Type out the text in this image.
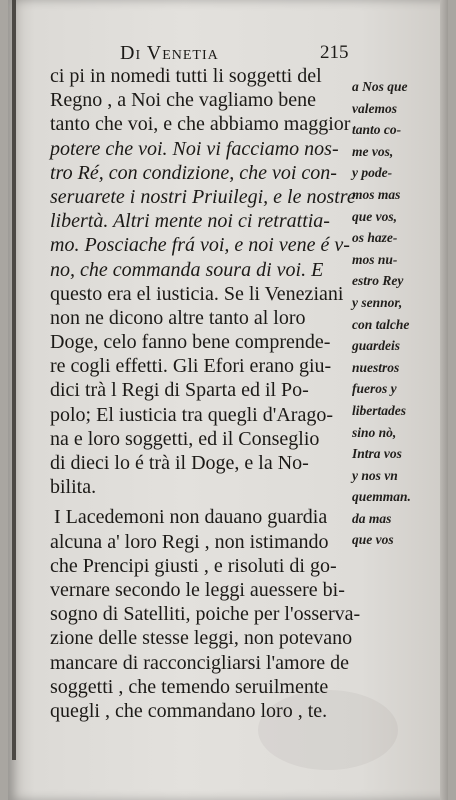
Di Venetia	215
ci pi in nomedi tutti li soggetti del
Regno , a Noi che vagliamo bene
tanto che voi, e che abbiamo maggior
potere che voi. Noi vi facciamo nos-
tro Ré, con condizione, che voi con-
seruarete i nostri Priuilegi, e le nostre
libertà. Altri mente noi ci retrattia-
mo. Posciache frá voi, e noi vene é v-
no, che commanda soura di voi. E
questo era el iusticia. Se li Veneziani
non ne dicono altre tanto al loro
Doge, celo fanno bene comprende-
re cogli effetti. Gli Efori erano giu-
dici trà l Regi di Sparta ed il Po-
polo; El iusticia tra quegli d'Arago-
na e loro soggetti, ed il Conseglio
di dieci lo é trà il Doge, e la No-
bilita.
I Lacedemoni non dauano guardia
alcuna a' loro Regi , non istimando
che Prencipi giusti , e risoluti di go-
vernare secondo le leggi auessere bi-
sogno di Satelliti, poiche per l'osserva-
zione delle stesse leggi, non potevano
mancare di racconcigliarsi l'amore de
soggetti , che temendo seruilmente
quegli , che commandano loro , te.
a Nos que
valemos
tanto co-
me vos,
y pode-
mos mas
que vos,
os haze-
mos nu-
estro Rey
y sennor,
con talche
guardeis
nuestros
fueros y
libertades
sino nò,
Intra vos
y nos vn
quemman.
da mas
que vos
